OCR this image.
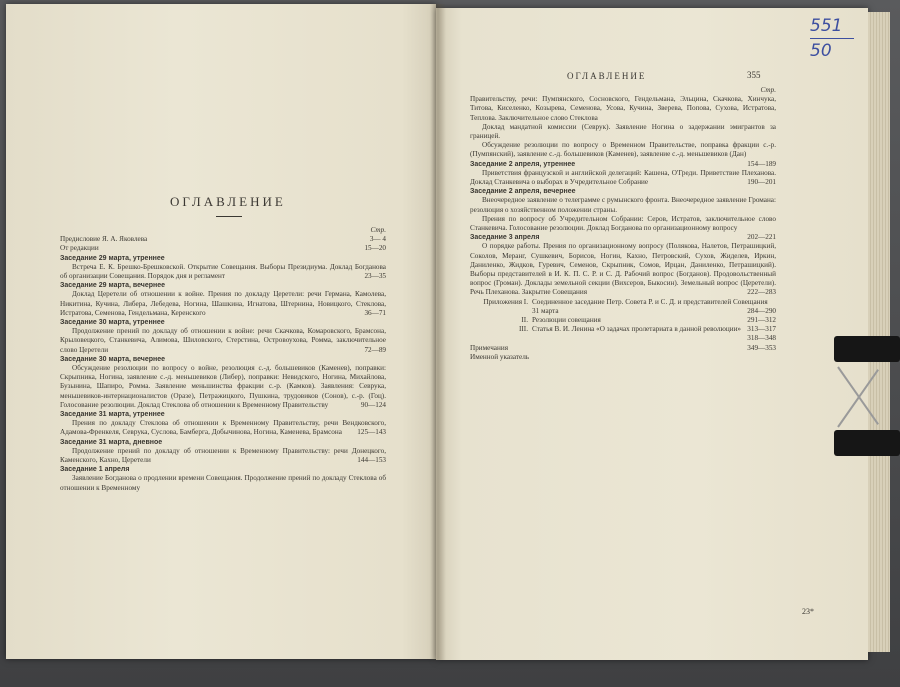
551
50
ОГЛАВЛЕНИЕ
ОГЛАВЛЕНИЕ	355
Стр.
Предисловие Я. А. Яковлева	3— 4
От редакции	15—20
Заседание 29 марта, утреннее
Встреча Е. К. Брешко-Брешковской. Открытие Совещания. Выборы Президиума. Доклад Богданова об организации Совещания. Порядок дня и регламент	23—35
Заседание 29 марта, вечернее
Доклад Церетели об отношении к войне. Прения по докладу Церетели: речи Германа, Камолева, Никитина, Кучина, Либера, Лебедева, Ногина, Шашкина, Игнатова, Штернина, Новицкого, Стеклова, Истратова, Семенова, Гендельмана, Керенского	36—71
Заседание 30 марта, утреннее
Продолжение прений по докладу об отношении к войне: речи Скачкова, Комаровского, Брамсона, Крыловецкого, Станкевича, Алимова, Шиловского, Стерстина, Островоухова, Ромма, заключительное слово Церетели	72—89
Заседание 30 марта, вечернее
Обсуждение резолюции по вопросу о войне, резолюция с.-д. большевиков (Каменев), поправки: Скрыпника, Ногина, заявление с.-д. меньшевиков (Либер), поправки: Невидского, Ногина, Михайлова, Бузынина, Шапиро, Ромма. Заявление меньшинства фракции с.-р. (Камков). Заявления: Севрука, меньшевиков-интернационалистов (Оразе), Петражицкого, Пушкина, трудовиков (Сонов), с.-р. (Гоц). Голосование резолюции. Доклад Стеклова об отношении к Временному Правительству	90—124
Заседание 31 марта, утреннее
Прения по докладу Стеклова об отношении к Временному Правительству, речи Вендковского, Адамова-Френкеля, Севрука, Суслова, Бамберга, Добычинова, Ногина, Каменева, Брамсона	125—143
Заседание 31 марта, дневное
Продолжение прений по докладу об отношении к Временному Правительству: речи Донецкого, Каменского, Кахно, Церетели	144—153
Заседание 1 апреля
Заявление Богданова о продлении времени Совещания. Продолжение прений по докладу Стеклова об отношении к Временному
Стр.
Правительству, речи: Пумпянского, Сосновского, Гендельмана, Эльцина, Скачкова, Хинчука, Титова, Киселенко, Козырева, Семенова, Усова, Кучина, Зверева, Попова, Сухова, Истратова, Теплова. Заключительное слово Стеклова
Доклад мандатной комиссии (Севрук). Заявление Ногина о задержании эмигрантов за границей.
Обсуждение резолюции по вопросу о Временном Правительстве, поправка фракции с.-р. (Пумпянский), заявление с.-д. большевиков (Каменев), заявление с.-д. меньшевиков (Дан)
154—189
Заседание 2 апреля, утреннее
Приветствия французской и английской делегаций: Кашена, О'Греди. Приветствие Плеханова. Доклад Станкевича о выборах в Учредительное Собрание	190—201
Заседание 2 апреля, вечернее
Внеочередное заявление о телеграмме с румынского фронта. Внеочередное заявление Громана: резолюция о хозяйственном положении страны.
Прения по вопросу об Учредительном Собрании: Серов, Истратов, заключительное слово Станкевича. Голосование резолюции. Доклад Богданова по организационному вопросу
202—221
Заседание 3 апреля
О порядке работы. Прения по организационному вопросу (Полякова, Налетов, Петрашицкий, Соколов, Меранг, Сушкевич, Борисов, Ногин, Кахно, Петровский, Сухов, Жиделев, Иркин, Даниленко, Жидков, Гуревич, Семенов, Скрыпник, Сомов, Ирцан, Даниленко, Петрашицкий). Выборы представителей в И. К. П. С. Р. и С. Д. Рабочий вопрос (Богданов). Продовольственный вопрос (Громан). Доклады земельной секции (Вихсеров, Быкосин). Земельный вопрос (Церетели). Речь Плеханова. Закрытие Совещания	222—283
Приложения I. Соединенное заседание Петр. Совета Р. и С. Д. и представителей Совещания 31 марта	284—290
II. Резолюции совещания	291—312
III. Статья В. И. Ленина «О задачах пролетариата в данной революции» 313—317
318—348
Примечания	349—353
Именной указатель
23*
